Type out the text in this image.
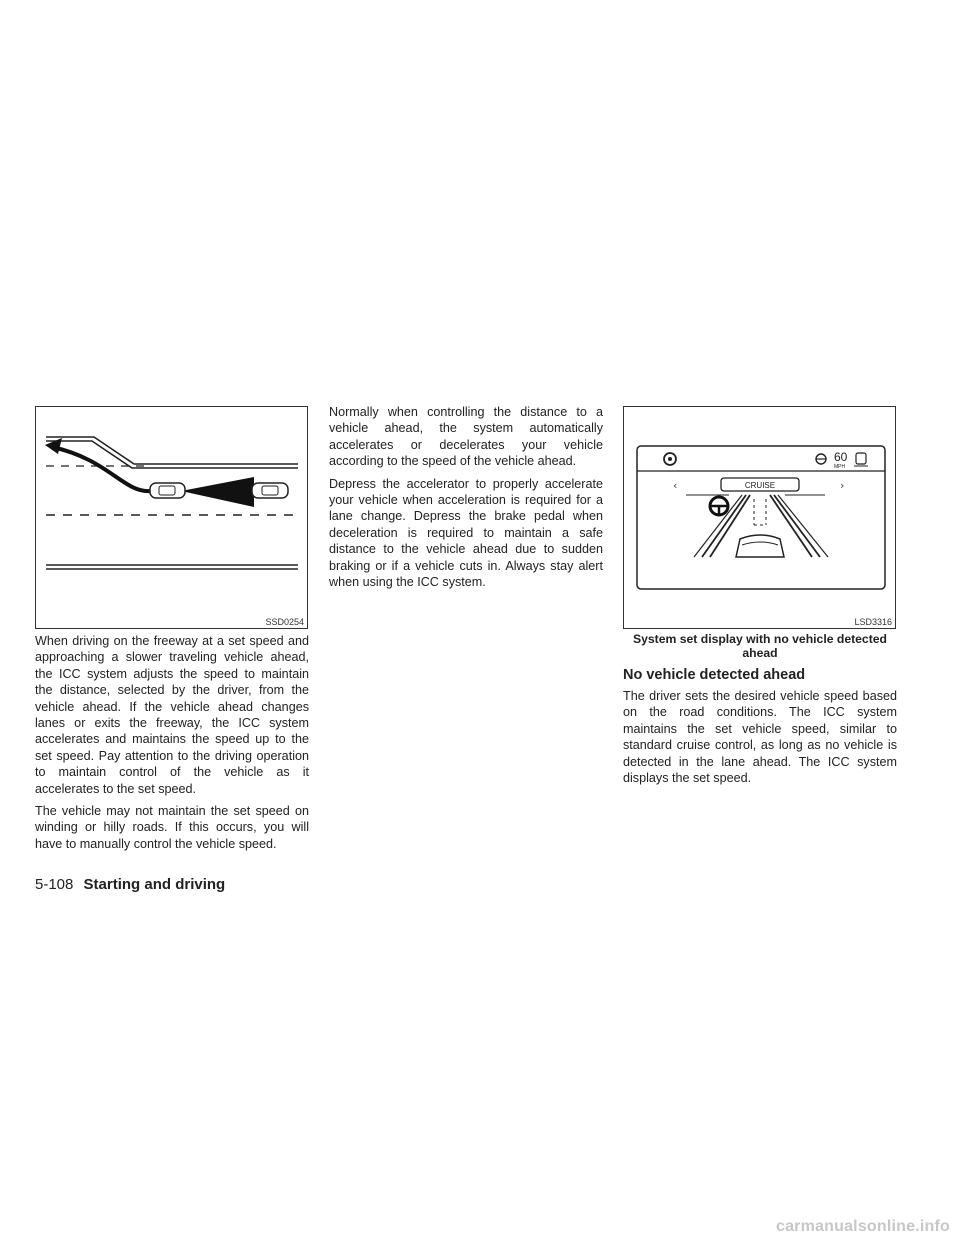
SSD0254
60
MPH
‹	›
CRUISE
LSD3316

When driving on the freeway at a set speed and approaching a slower traveling vehicle ahead, the ICC system adjusts the speed to maintain the distance, selected by the driver, from the vehicle ahead. If the vehicle ahead changes lanes or exits the freeway, the ICC system accelerates and maintains the speed up to the set speed. Pay attention to the driving operation to maintain control of the vehicle as it accelerates to the set speed.

The vehicle may not maintain the set speed on winding or hilly roads. If this occurs, you will have to manually control the vehicle speed.

Normally when controlling the distance to a vehicle ahead, the system automatically accelerates or decelerates your vehicle according to the speed of the vehicle ahead.

Depress the accelerator to properly accelerate your vehicle when acceleration is required for a lane change. Depress the brake pedal when deceleration is required to maintain a safe distance to the vehicle ahead due to sudden braking or if a vehicle cuts in. Always stay alert when using the ICC system.

System set display with no vehicle detected ahead
No vehicle detected ahead

The driver sets the desired vehicle speed based on the road conditions. The ICC system maintains the set vehicle speed, similar to standard cruise control, as long as no vehicle is detected in the lane ahead. The ICC system displays the set speed.

5-108 Starting and driving
carmanualsonline.info
